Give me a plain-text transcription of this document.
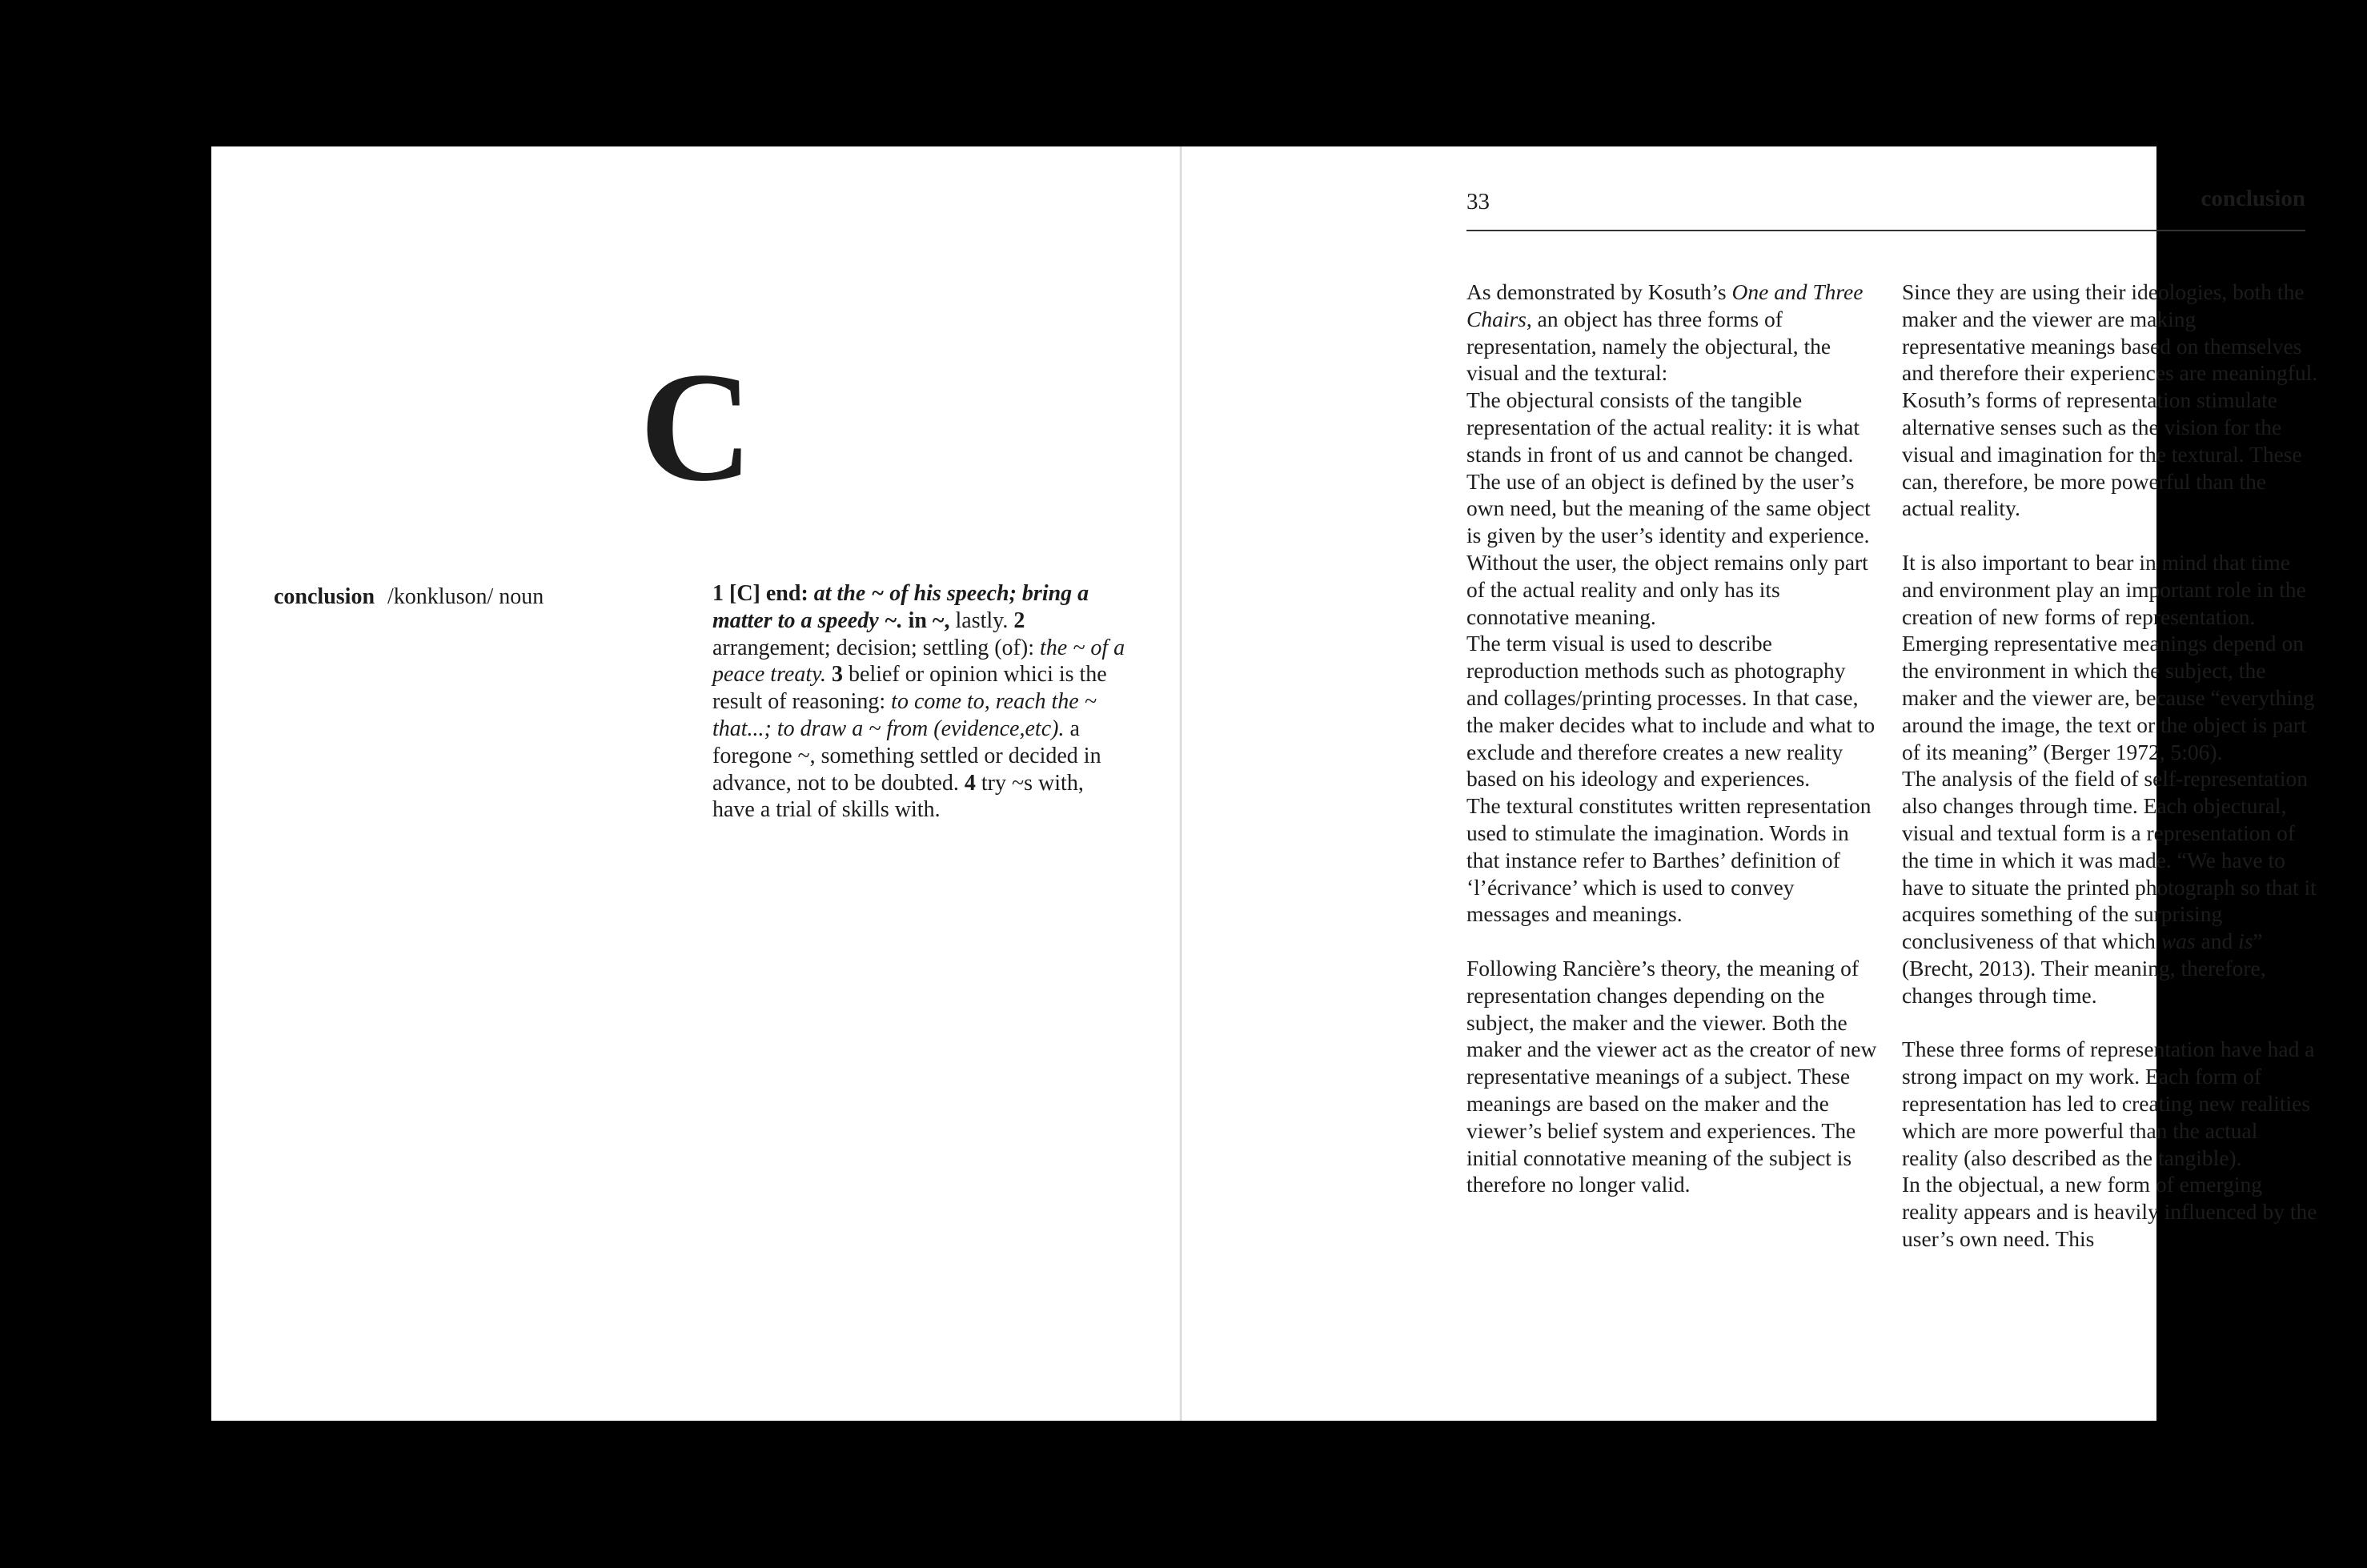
C
conclusion /konkluson/ noun	1 [C] end: at the ~ of his speech; bring a matter to a speedy ~. in ~, lastly. 2 arrangement; decision; settling (of): the ~ of a peace treaty. 3 belief or opinion whici is the result of reasoning: to come to, reach the ~ that...; to draw a ~ from (evidence,etc). a foregone ~, something settled or decided in advance, not to be doubted. 4 try ~s with, have a trial of skills with.
33	conclusion

As demonstrated by Kosuth’s One and Three Chairs, an object has three forms of representation, namely the objectural, the visual and the textural:

The objectural consists of the tangible representation of the actual reality: it is what stands in front of us and cannot be changed. The use of an object is defined by the user’s own need, but the meaning of the same object is given by the user’s identity and experience. Without the user, the object remains only part of the actual reality and only has its connotative meaning.

The term visual is used to describe reproduction methods such as photography and collages/printing processes. In that case, the maker decides what to include and what to exclude and therefore creates a new reality based on his ideology and experiences.

The textural constitutes written representation used to stimulate the imagination. Words in that instance refer to Barthes’ definition of ‘l’écrivance’ which is used to convey messages and meanings.

Following Rancière’s theory, the meaning of representation changes depending on the subject, the maker and the viewer. Both the maker and the viewer act as the creator of new representative meanings of a subject. These meanings are based on the maker and the viewer’s belief system and experiences. The initial connotative meaning of the subject is therefore no longer valid.

Since they are using their ideologies, both the maker and the viewer are making representative meanings based on themselves and therefore their experiences are meaningful.

Kosuth’s forms of representation stimulate alternative senses such as the vision for the visual and imagination for the textural. These can, therefore, be more powerful than the actual reality.

It is also important to bear in mind that time and environment play an important role in the creation of new forms of representation. Emerging representative meanings depend on the environment in which the subject, the maker and the viewer are, because “everything around the image, the text or the object is part of its meaning” (Berger 1972, 5:06).

The analysis of the field of self-representation also changes through time. Each objectural, visual and textual form is a representation of the time in which it was made. “We have to have to situate the printed photograph so that it acquires something of the surprising conclusiveness of that which was and is” (Brecht, 2013). Their meaning, therefore, changes through time.

These three forms of representation have had a strong impact on my work. Each form of representation has led to creating new realities which are more powerful than the actual reality (also described as the tangible).

In the objectual, a new form of emerging reality appears and is heavily influenced by the user’s own need. This
